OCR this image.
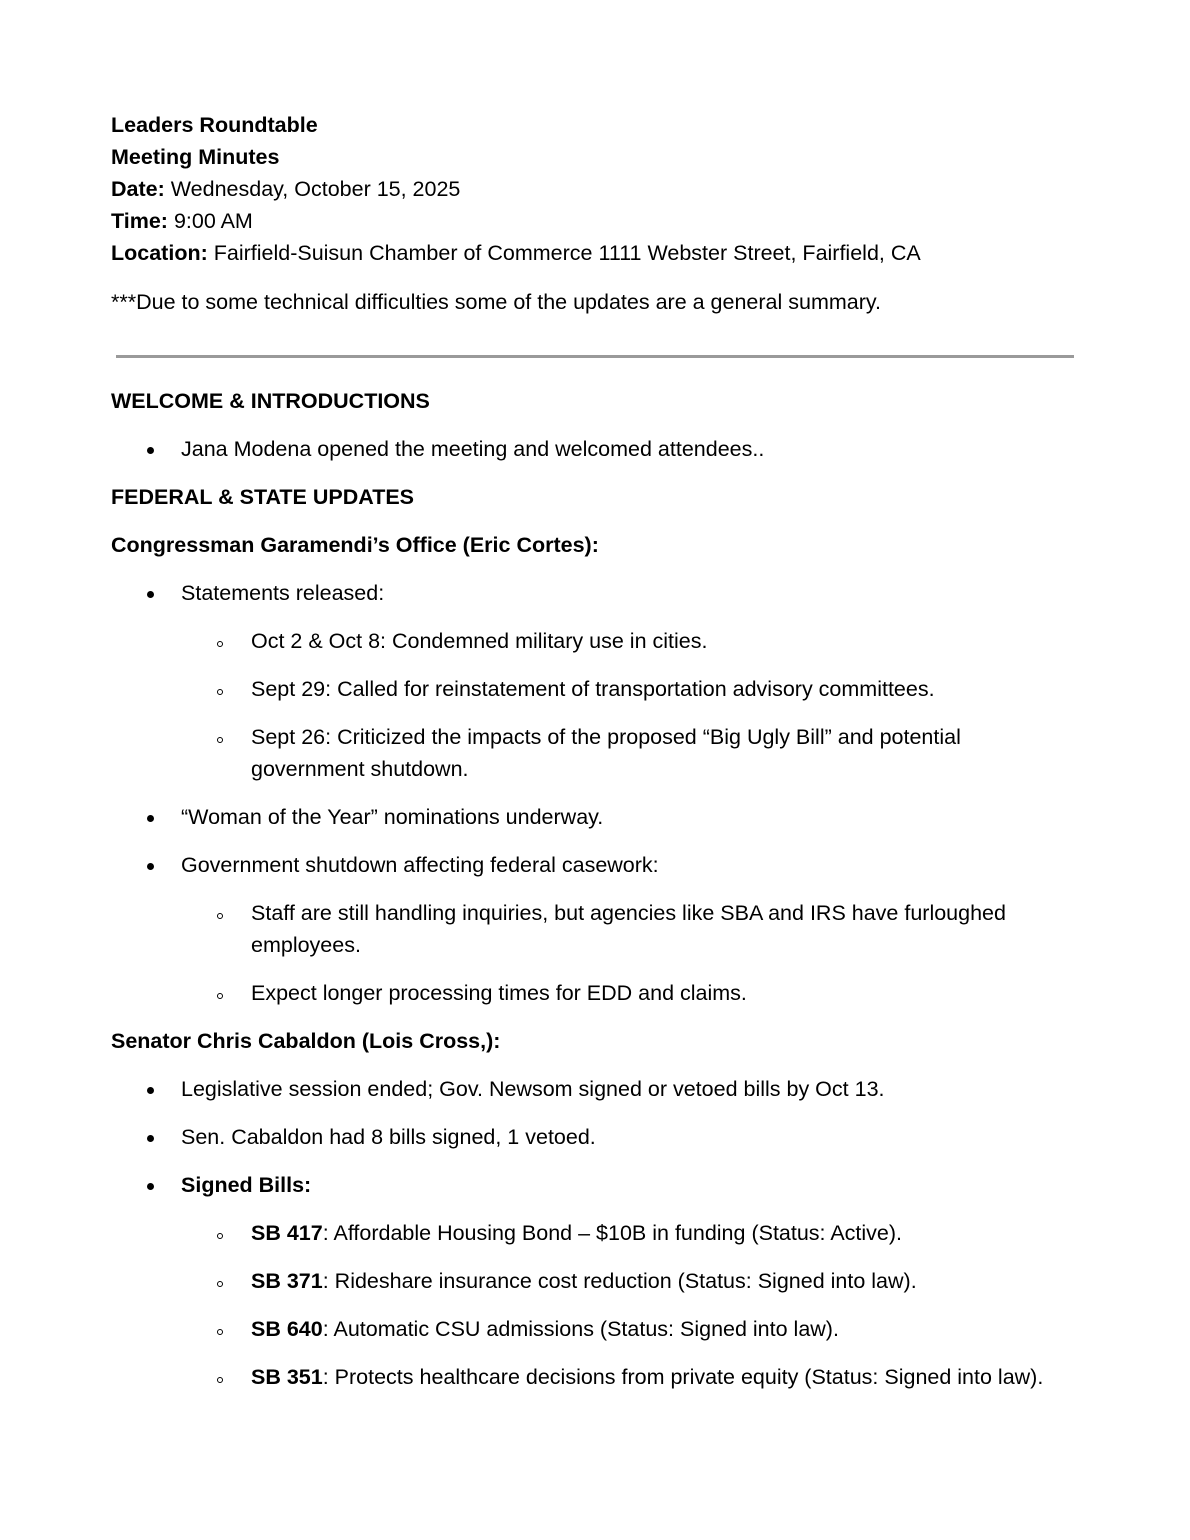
Leaders Roundtable

Meeting Minutes

Date: Wednesday, October 15, 2025

Time: 9:00 AM

Location: Fairfield-Suisun Chamber of Commerce 1111 Webster Street, Fairfield, CA

***Due to some technical difficulties some of the updates are a general summary.

WELCOME & INTRODUCTIONS

Jana Modena opened the meeting and welcomed attendees..

FEDERAL & STATE UPDATES

Congressman Garamendi’s Office (Eric Cortes):

Statements released:
Oct 2 & Oct 8: Condemned military use in cities.
Sept 29: Called for reinstatement of transportation advisory committees.
Sept 26: Criticized the impacts of the proposed “Big Ugly Bill” and potential government shutdown.
“Woman of the Year” nominations underway.
Government shutdown affecting federal casework:
Staff are still handling inquiries, but agencies like SBA and IRS have furloughed employees.
Expect longer processing times for EDD and claims.

Senator Chris Cabaldon (Lois Cross,):

Legislative session ended; Gov. Newsom signed or vetoed bills by Oct 13.
Sen. Cabaldon had 8 bills signed, 1 vetoed.
Signed Bills:
SB 417: Affordable Housing Bond – $10B in funding (Status: Active).
SB 371: Rideshare insurance cost reduction (Status: Signed into law).
SB 640: Automatic CSU admissions (Status: Signed into law).
SB 351: Protects healthcare decisions from private equity (Status: Signed into law).
